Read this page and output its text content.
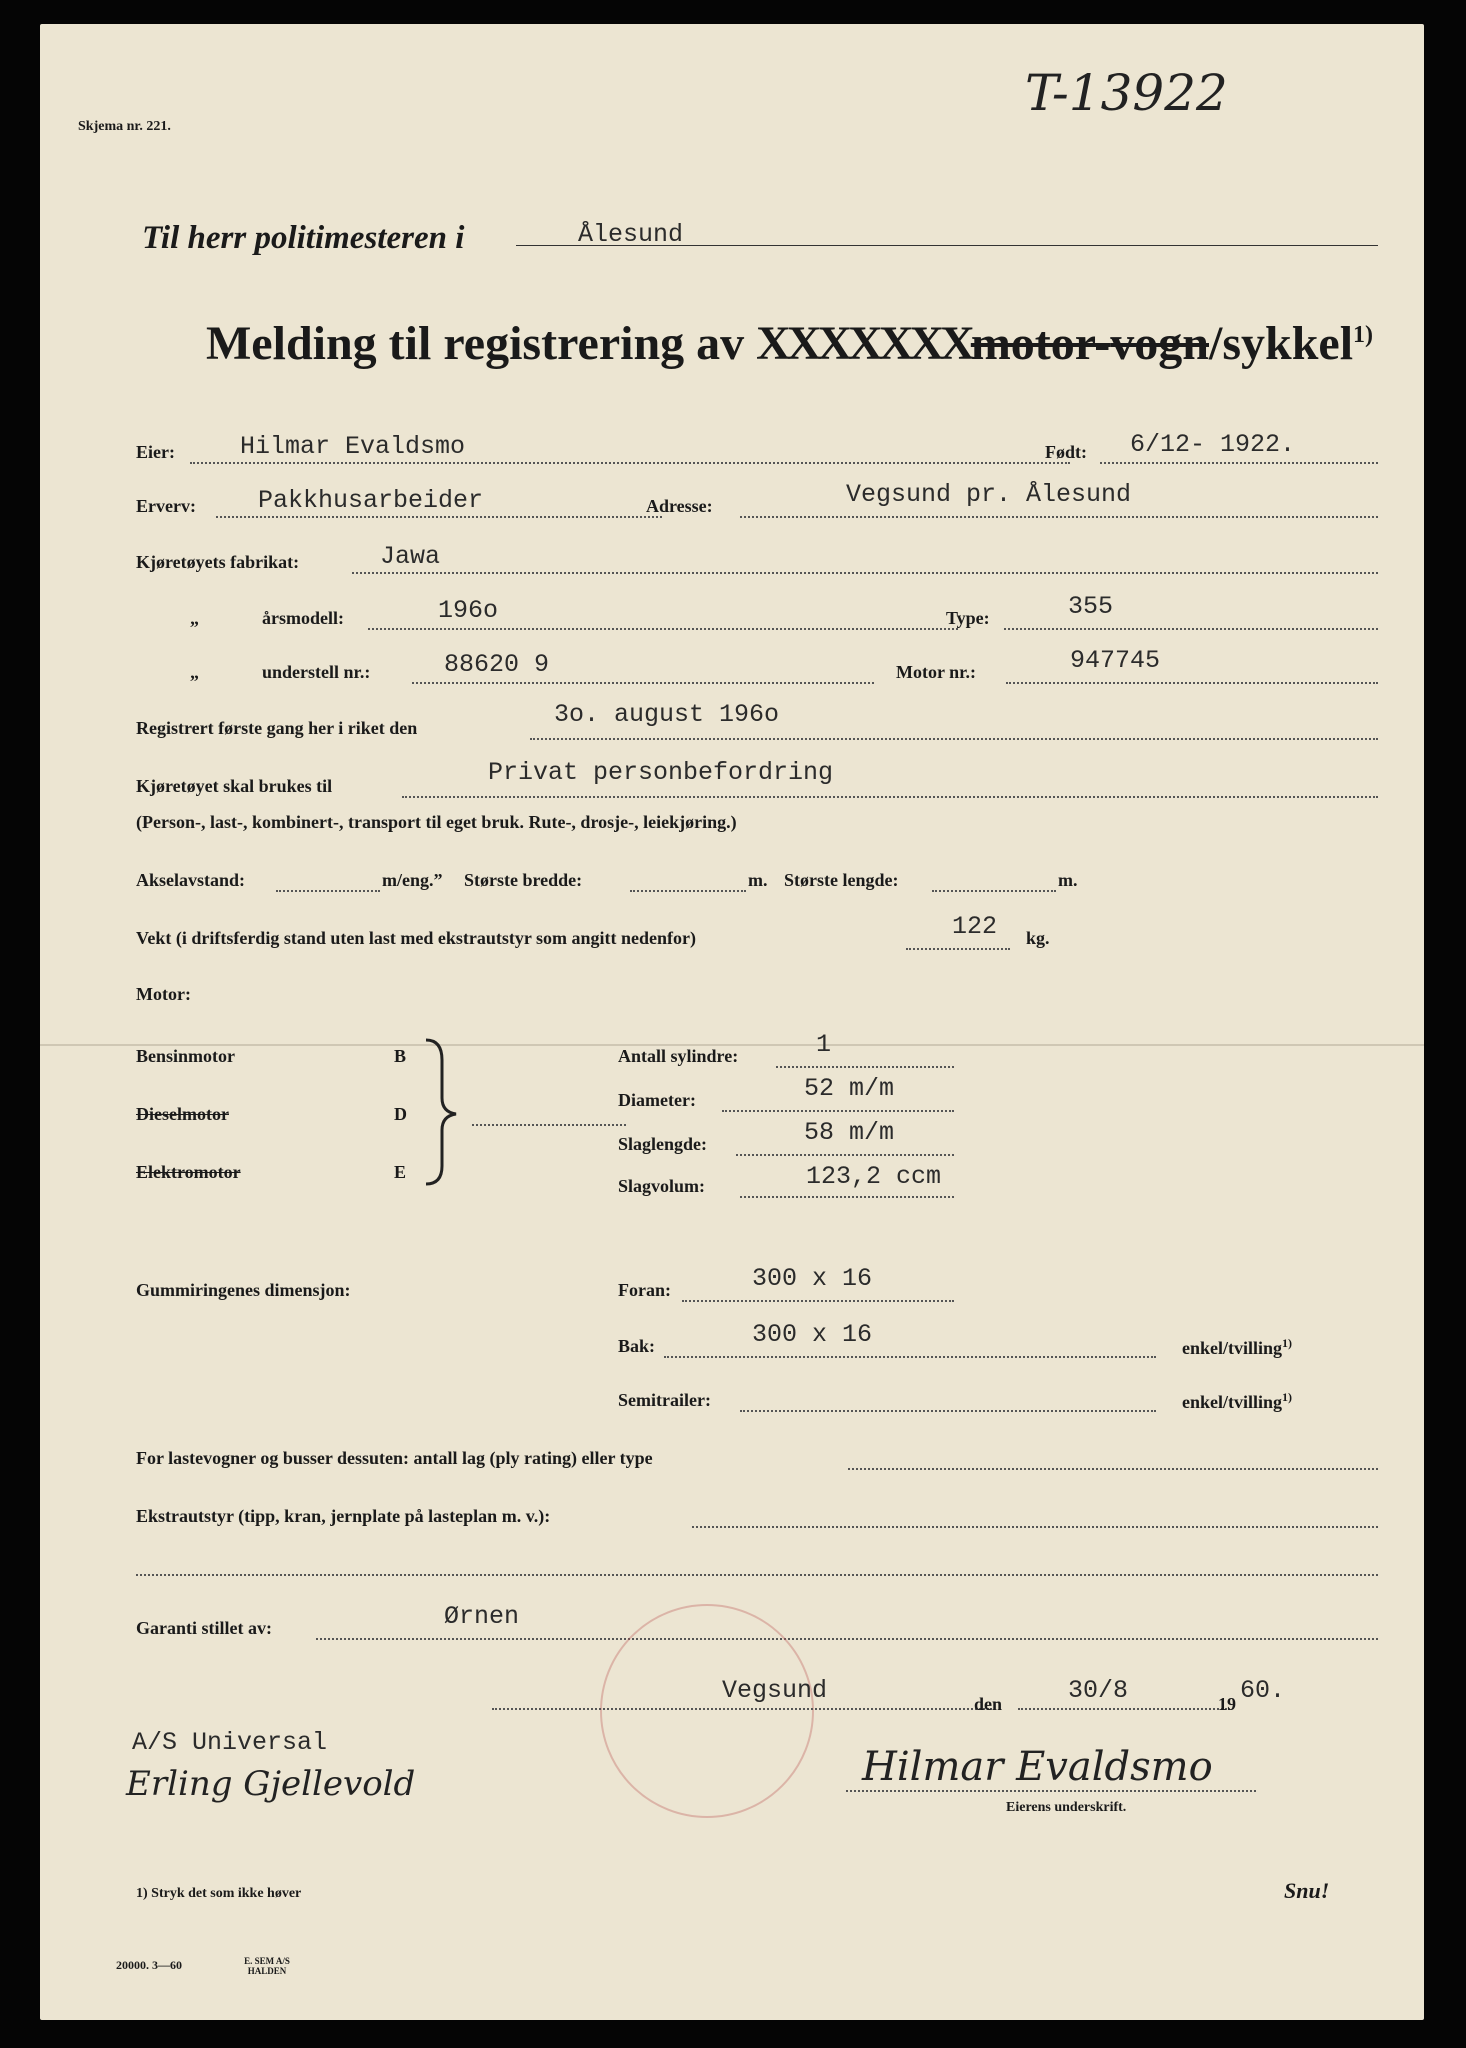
Skjema nr. 221.
T-13922
Til herr politimesteren i	Ålesund
Melding til registrering av XXXXXXXmotor-vogn/sykkel$^{1)}$
Eier:	Hilmar Evaldsmo	Født: 6/12- 1922.
Erverv: Pakkhusarbeider	Adresse:	Vegsund pr. Ålesund
Kjøretøyets fabrikat:	Jawa
„	årsmodell:	196o	Type:	355
„	understell nr.:	88620 9	Motor nr.:	947745
Registrert første gang her i riket den	3o. august 196o
Kjøretøyet skal brukes til	Privat personbefordring
(Person-, last-, kombinert-, transport til eget bruk. Rute-, drosje-, leiekjøring.)
Akselavstand:	m/eng.” Største bredde:	m. Største lengde:	m.
Vekt (i driftsferdig stand uten last med ekstrautstyr som angitt nedenfor)	122 kg.
Motor:
Bensinmotor	B
Dieselmotor	D
Elektromotor	E
Antall sylindre:	1
Diameter:	52 m/m
Slaglengde:	58 m/m
Slagvolum:	123,2 ccm
Gummiringenes dimensjon:	Foran:	300 x 16
Bak:	300 x 16	enkel/tvilling$^{1)}$
Semitrailer:	enkel/tvilling$^{1)}$
For lastevogner og busser dessuten: antall lag (ply rating) eller type
Ekstrautstyr (tipp, kran, jernplate på lasteplan m. v.):
Garanti stillet av:	Ørnen
Vegsund	den	30/8	19 60.
A/S Universal
Erling Gjellevold	Hilmar Evaldsmo
Eierens underskrift.
1) Stryk det som ikke høver	Snu!
20000. 3—60	E. SEM A/S HALDEN
